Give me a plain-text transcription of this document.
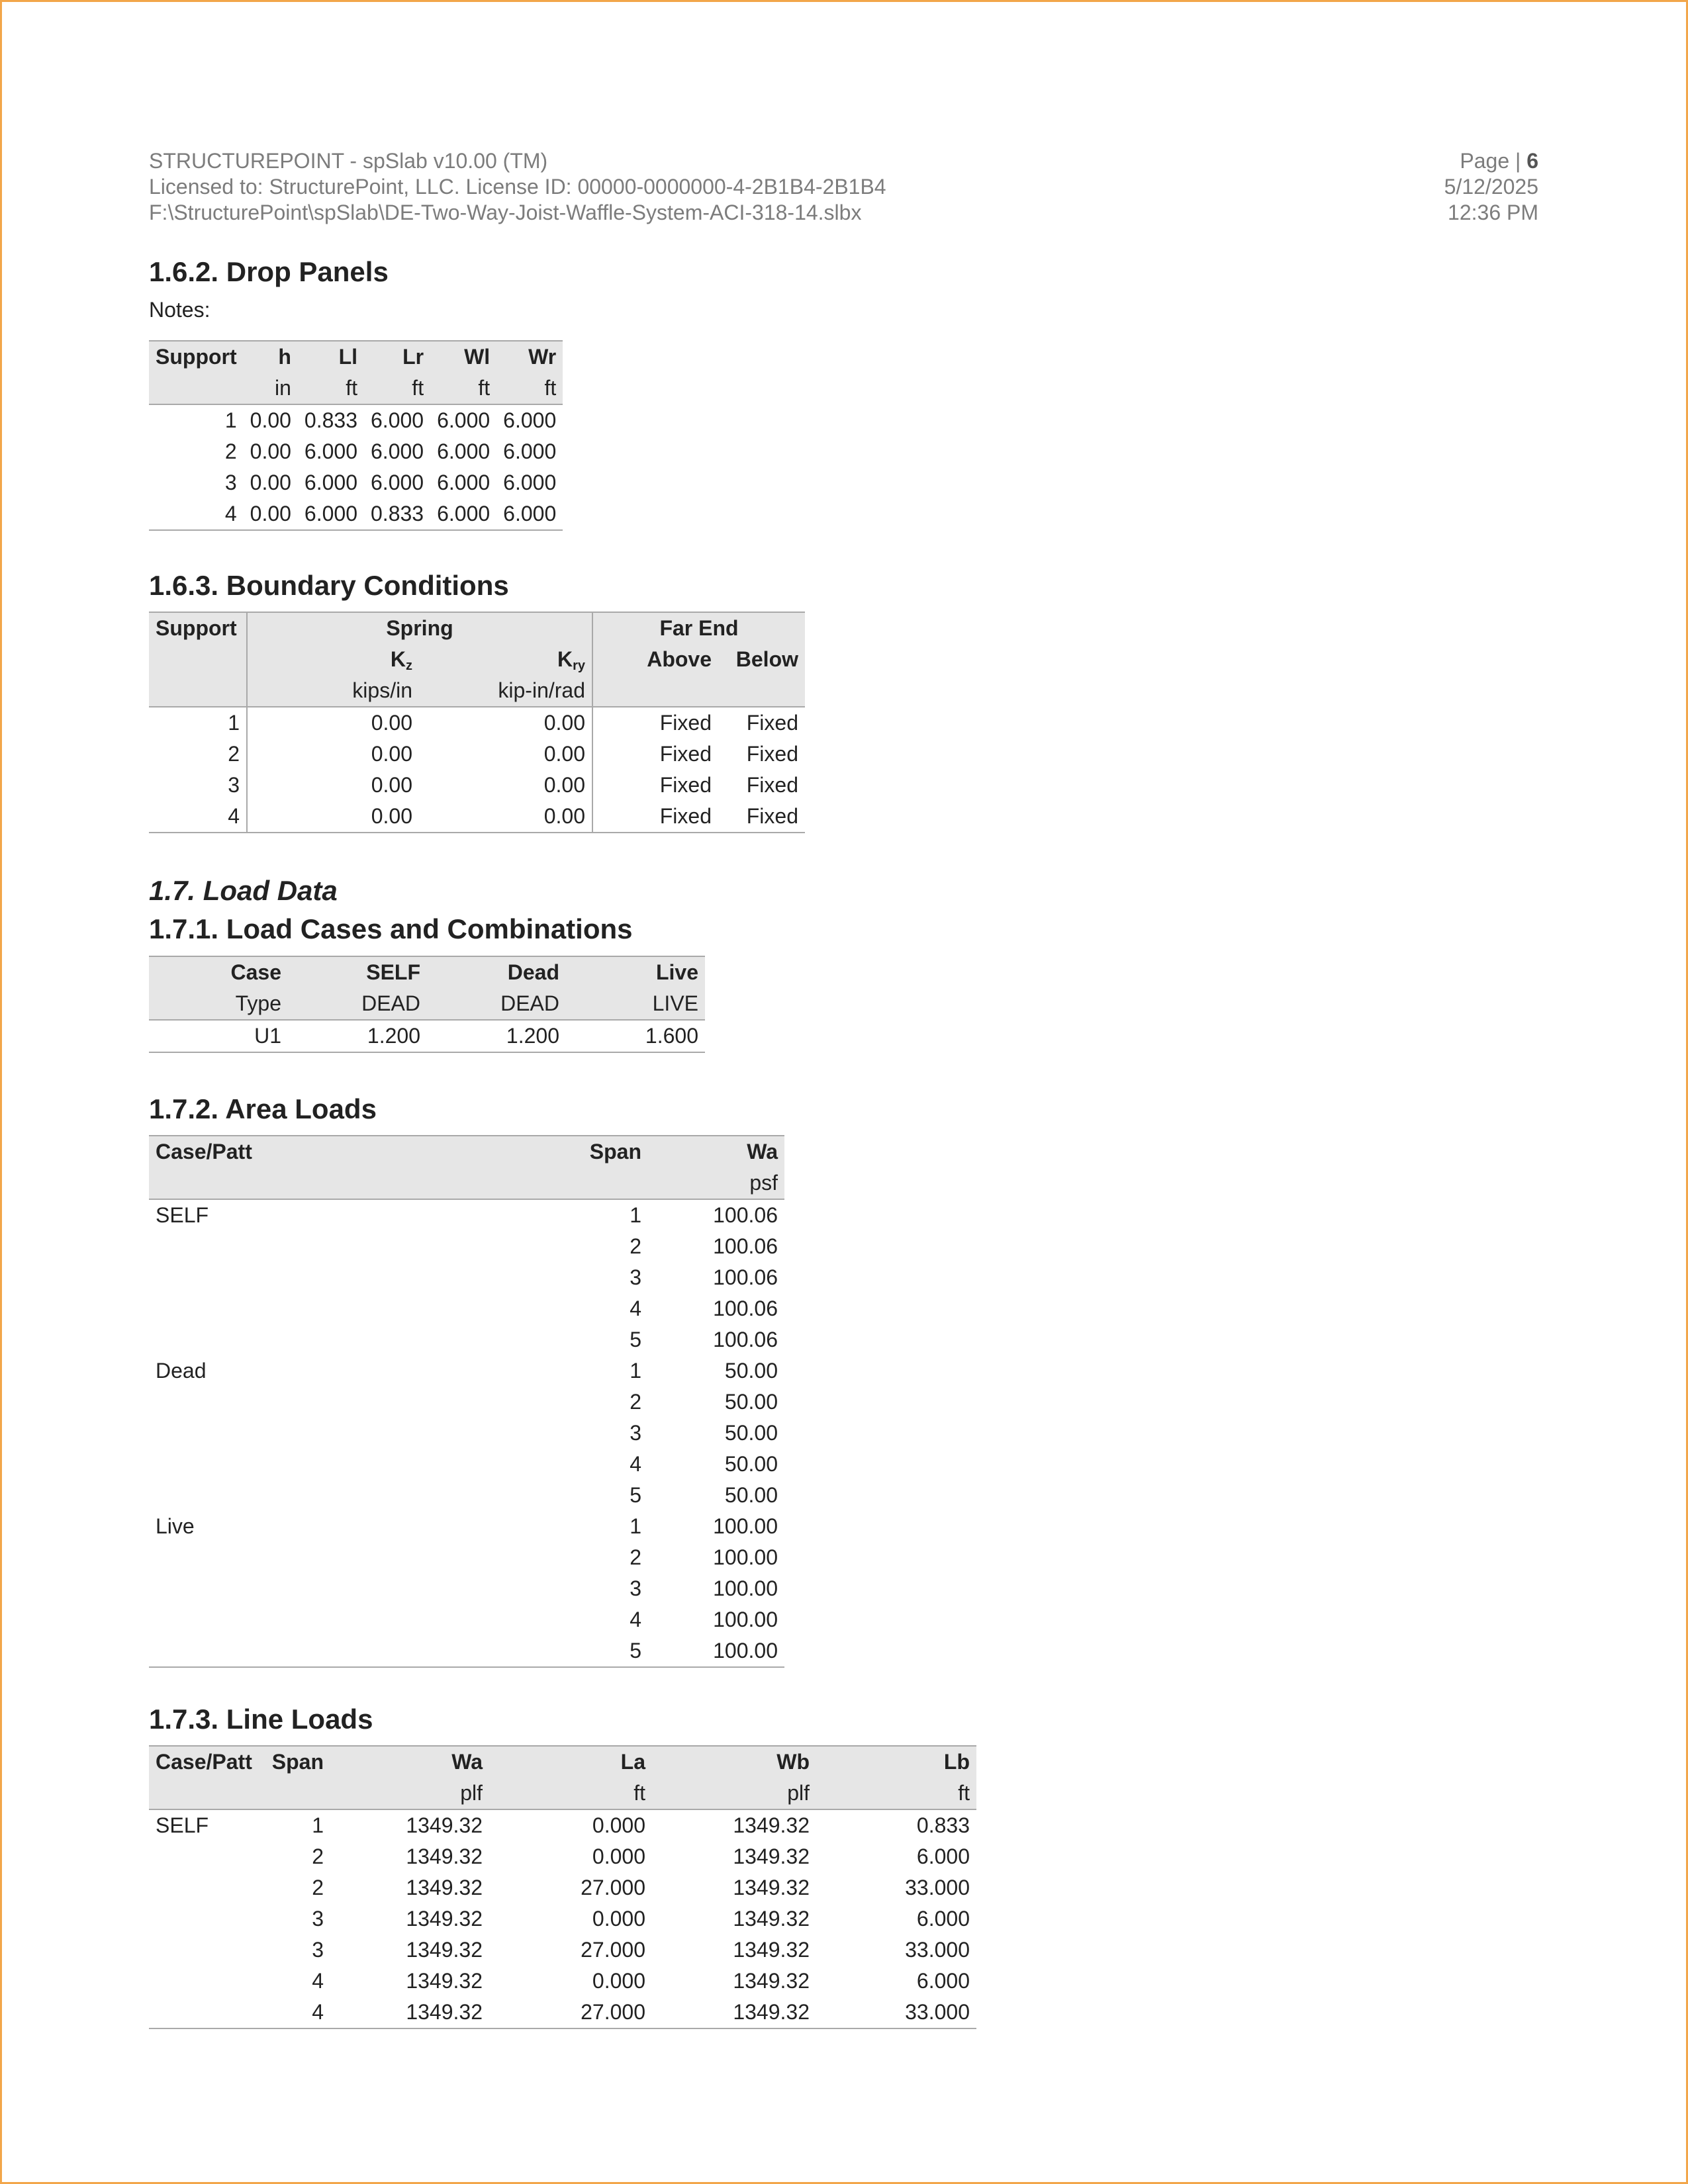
STRUCTUREPOINT - spSlab v10.00 (TM)
Licensed to: StructurePoint, LLC. License ID: 00000-0000000-4-2B1B4-2B1B4
F:\StructurePoint\spSlab\DE-Two-Way-Joist-Waffle-System-ACI-318-14.slbx
Page | 6
5/12/2025
12:36 PM
1.6.2. Drop Panels
Notes:
Support	h	Ll	Lr	Wl	Wr
	in	ft	ft	ft	ft
1	0.00	0.833	6.000	6.000	6.000
2	0.00	6.000	6.000	6.000	6.000
3	0.00	6.000	6.000	6.000	6.000
4	0.00	6.000	0.833	6.000	6.000
1.6.3. Boundary Conditions
Support	Spring		Far End	
	$K_z$	$K_{ry}$	Above	Below
	kips/in	kip-in/rad		
1	0.00	0.00	Fixed	Fixed
2	0.00	0.00	Fixed	Fixed
3	0.00	0.00	Fixed	Fixed
4	0.00	0.00	Fixed	Fixed
1.7. Load Data
1.7.1. Load Cases and Combinations
Case	SELF	Dead	Live
Type	DEAD	DEAD	LIVE
U1	1.200	1.200	1.600
1.7.2. Area Loads
Case/Patt	Span	Wa
		psf
SELF	1	100.06
	2	100.06
	3	100.06
	4	100.06
	5	100.06
Dead	1	50.00
	2	50.00
	3	50.00
	4	50.00
	5	50.00
Live	1	100.00
	2	100.00
	3	100.00
	4	100.00
	5	100.00
1.7.3. Line Loads
Case/Patt	Span	Wa	La	Wb	Lb
		plf	ft	plf	ft
SELF	1	1349.32	0.000	1349.32	0.833
	2	1349.32	0.000	1349.32	6.000
	2	1349.32	27.000	1349.32	33.000
	3	1349.32	0.000	1349.32	6.000
	3	1349.32	27.000	1349.32	33.000
	4	1349.32	0.000	1349.32	6.000
	4	1349.32	27.000	1349.32	33.000
